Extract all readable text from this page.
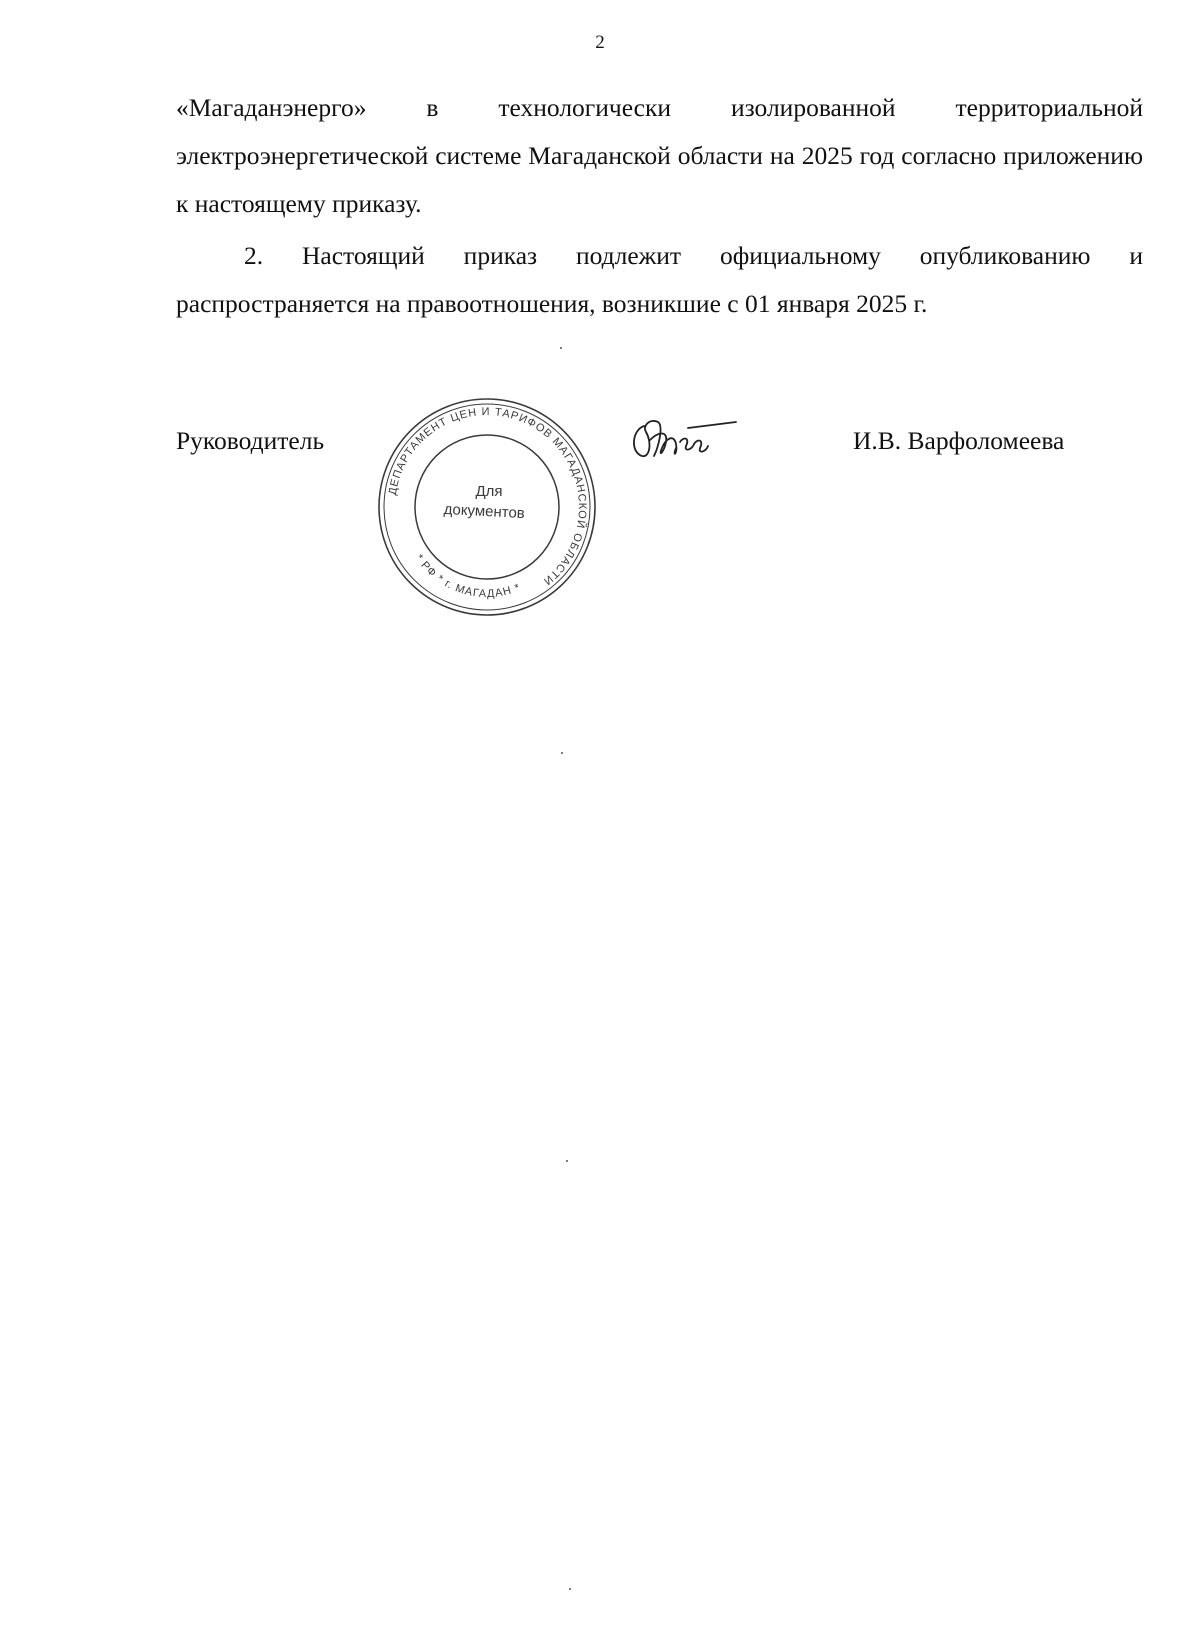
2
«Магаданэнерго» в технологически изолированной территориальной электроэнергетической системе Магаданской области на 2025 год согласно приложению к настоящему приказу.
2. Настоящий приказ подлежит официальному опубликованию и распространяется на правоотношения, возникшие с 01 января 2025 г.
Руководитель
ДЕПАРТАМЕНТ ЦЕН И ТАРИФОВ МАГАДАНСКОЙ ОБЛАСТИ
* РФ * г. МАГАДАН *
Для
документов
И.В. Варфоломеева
